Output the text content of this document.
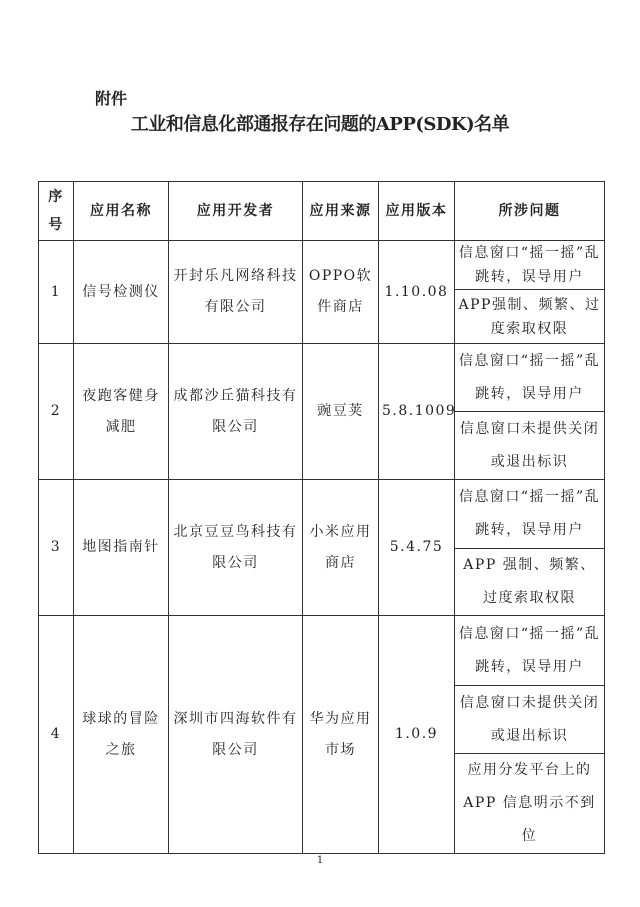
附件
工业和信息化部通报存在问题的APP(SDK)名单
序号	应用名称	应用开发者	应用来源	应用版本	所涉问题
1	信号检测仪	开封乐凡网络科技有限公司	OPPO软件商店	1.10.08	信息窗口“摇一摇”乱跳转，误导用户
					APP强制、频繁、过度索取权限
2	夜跑客健身减肥	成都沙丘猫科技有限公司	豌豆荚	5.8.1009	信息窗口“摇一摇”乱跳转，误导用户
					信息窗口未提供关闭或退出标识
3	地图指南针	北京豆豆鸟科技有限公司	小米应用商店	5.4.75	信息窗口“摇一摇”乱跳转，误导用户
					APP 强制、频繁、过度索取权限
4	球球的冒险之旅	深圳市四海软件有限公司	华为应用市场	1.0.9	信息窗口“摇一摇”乱跳转，误导用户
					信息窗口未提供关闭或退出标识
					应用分发平台上的APP 信息明示不到位
1
